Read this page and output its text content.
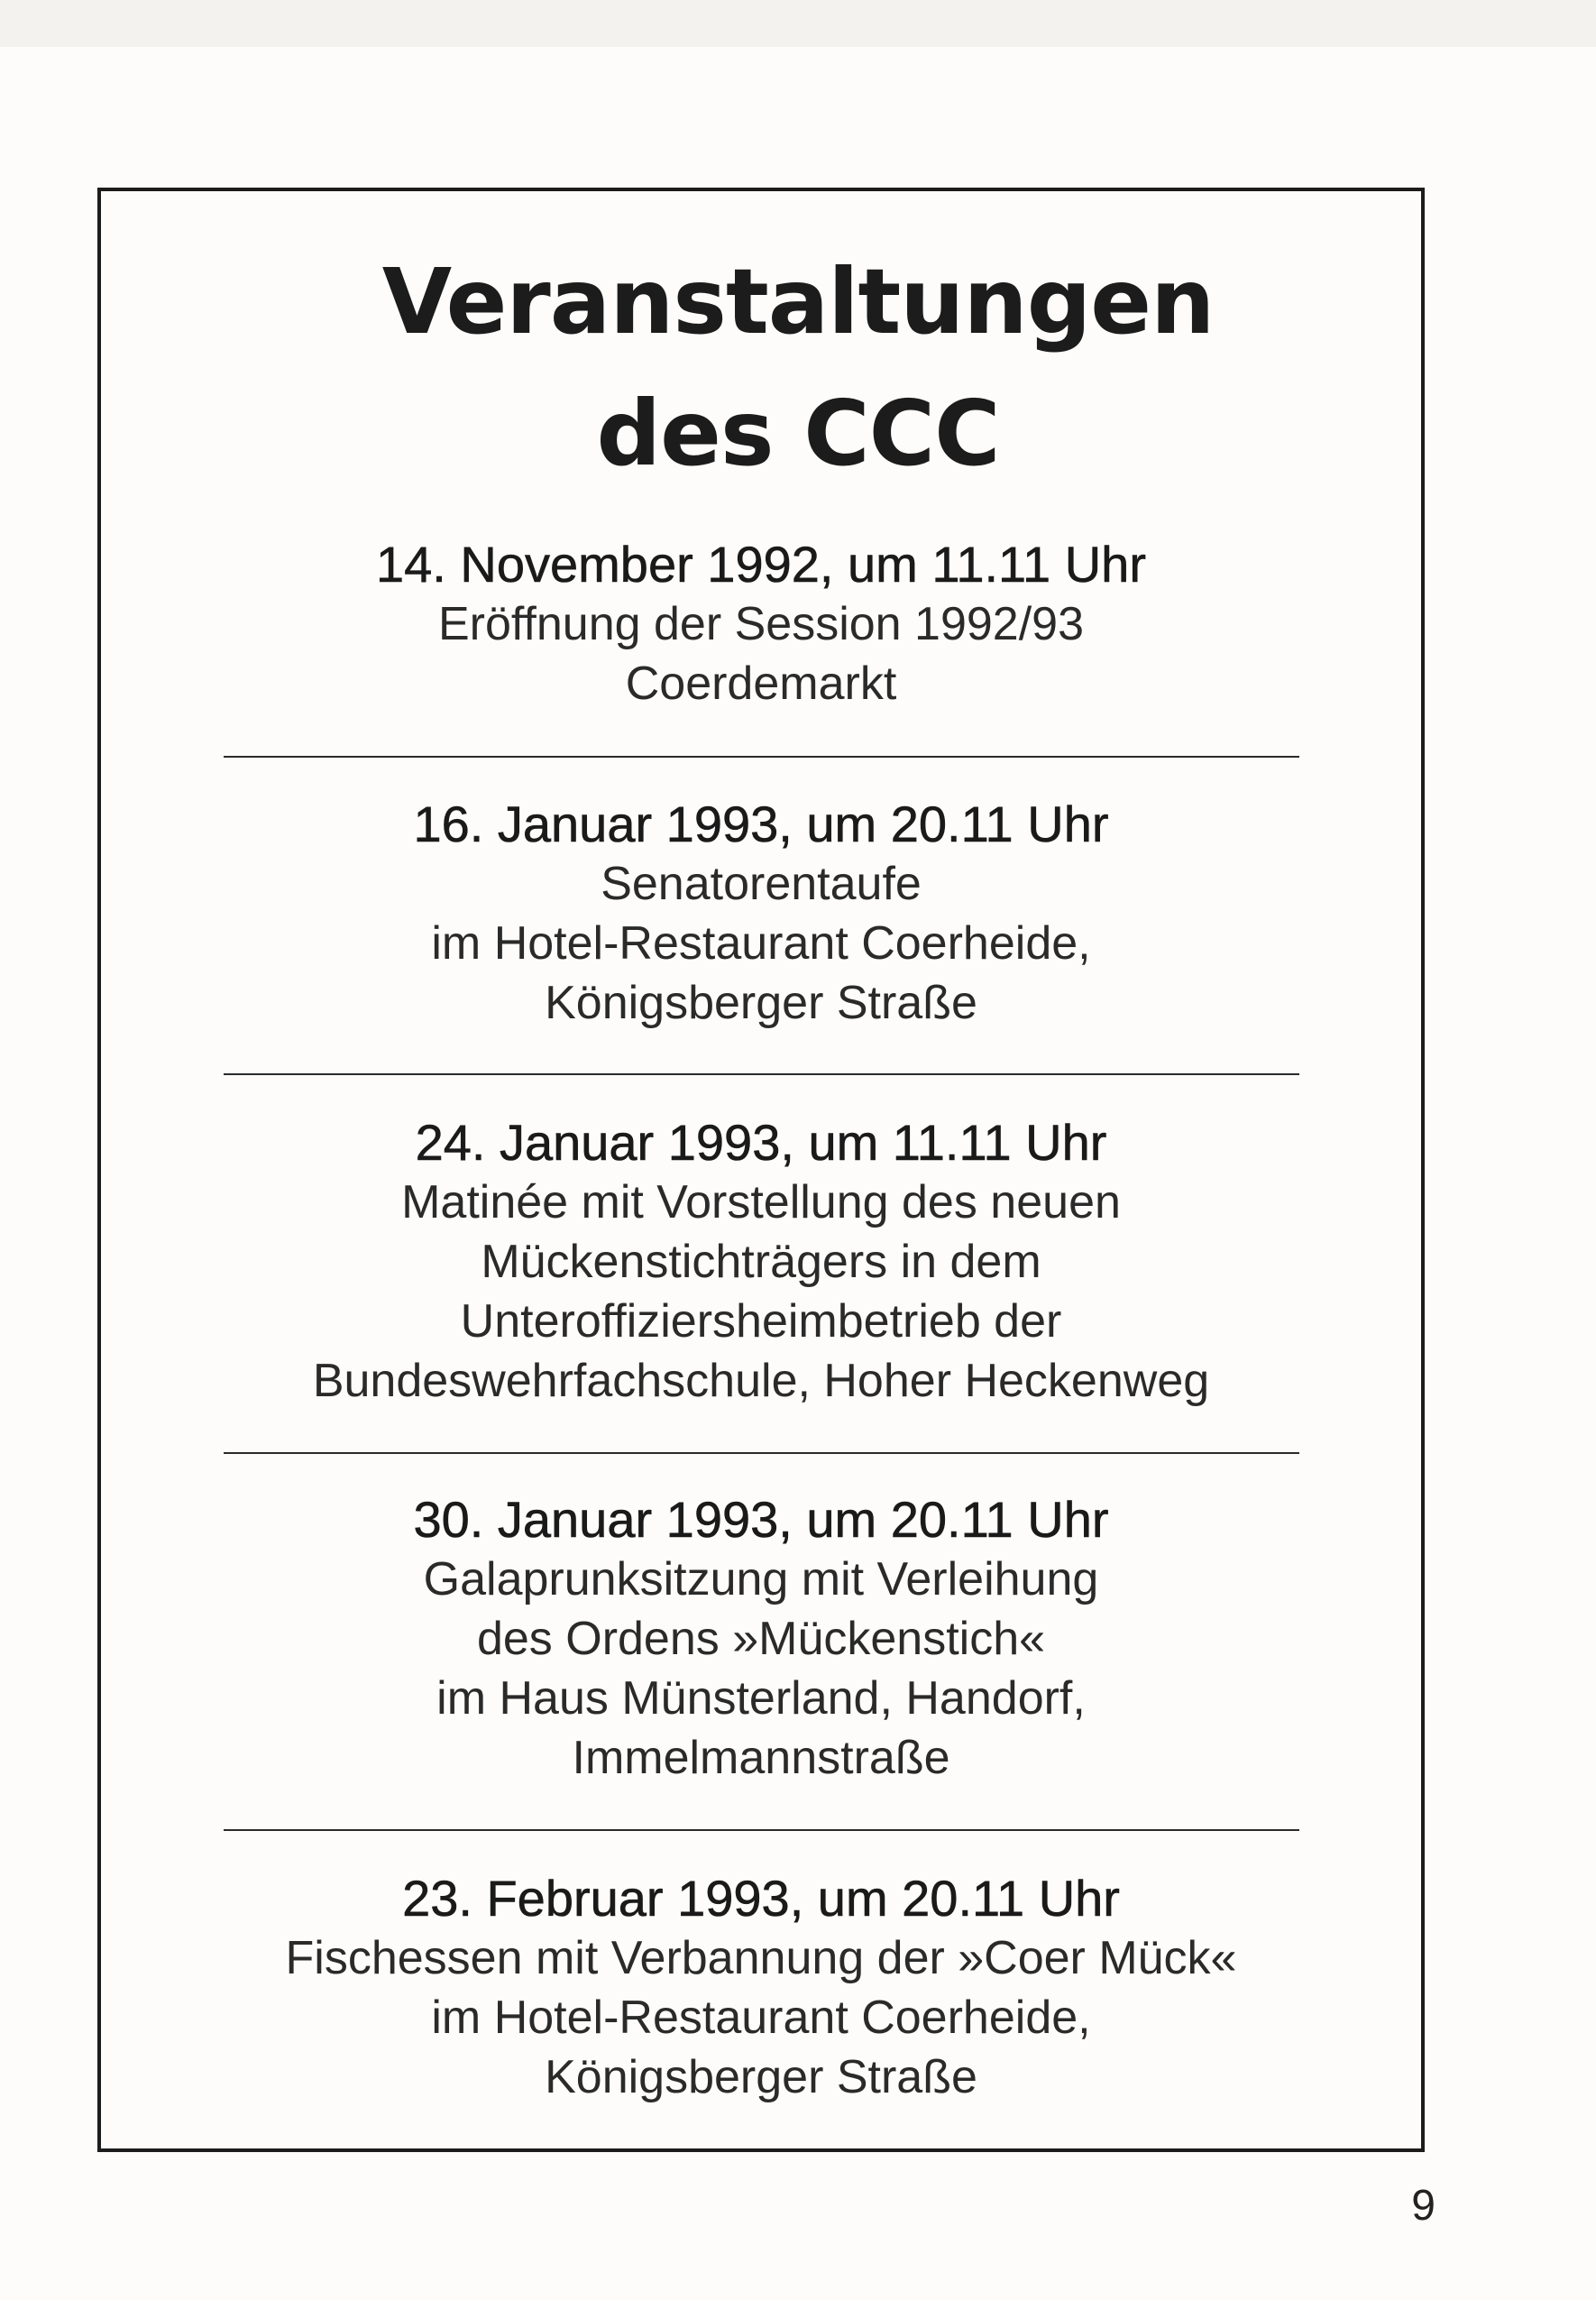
Veranstaltungen
des CCC
14. November 1992, um 11.11 Uhr
Eröffnung der Session 1992/93
Coerdemarkt
16. Januar 1993, um 20.11 Uhr
Senatorentaufe
im Hotel-Restaurant Coerheide,
Königsberger Straße
24. Januar 1993, um 11.11 Uhr
Matinée mit Vorstellung des neuen
Mückenstichträgers in dem
Unteroffiziersheimbetrieb der
Bundeswehrfachschule, Hoher Heckenweg
30. Januar 1993, um 20.11 Uhr
Galaprunksitzung mit Verleihung
des Ordens »Mückenstich«
im Haus Münsterland, Handorf,
Immelmannstraße
23. Februar 1993, um 20.11 Uhr
Fischessen mit Verbannung der »Coer Mück«
im Hotel-Restaurant Coerheide,
Königsberger Straße
9
